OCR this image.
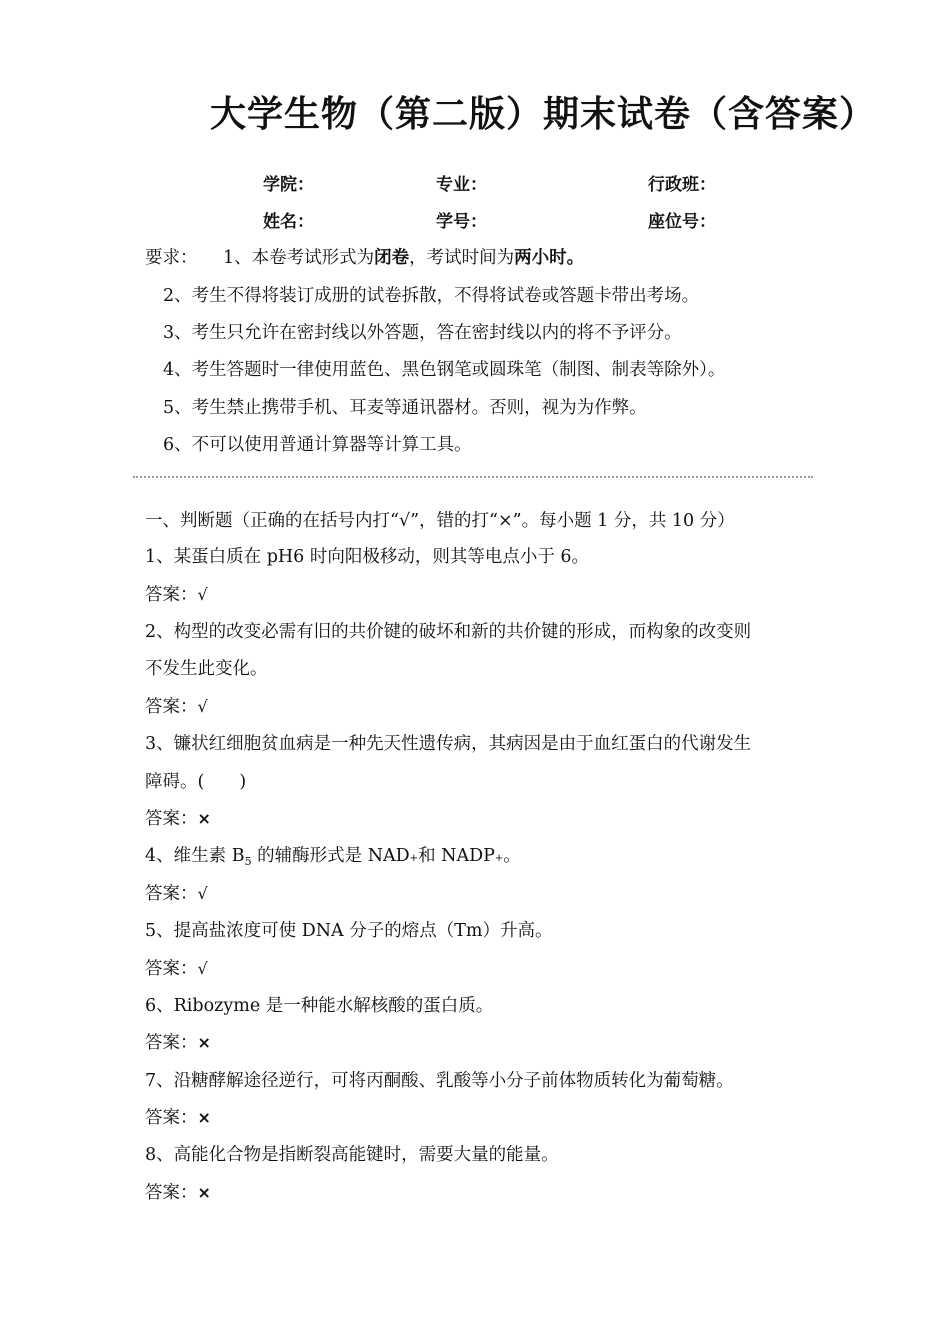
大学生物（第二版）期末试卷（含答案）
学院：	专业：	行政班：
姓名：	学号：	座位号：
要求： 1、本卷考试形式为闭卷，考试时间为两小时。
2、考生不得将装订成册的试卷拆散，不得将试卷或答题卡带出考场。
3、考生只允许在密封线以外答题，答在密封线以内的将不予评分。
4、考生答题时一律使用蓝色、黑色钢笔或圆珠笔（制图、制表等除外）。
5、考生禁止携带手机、耳麦等通讯器材。否则，视为为作弊。
6、不可以使用普通计算器等计算工具。
一、判断题（正确的在括号内打“√”，错的打“×”。每小题 1 分，共 10 分）
1、某蛋白质在 pH6 时向阳极移动，则其等电点小于 6。
答案：√
2、构型的改变必需有旧的共价键的破坏和新的共价键的形成，而构象的改变则
不发生此变化。
答案：√
3、镰状红细胞贫血病是一种先天性遗传病，其病因是由于血红蛋白的代谢发生
障碍。(　　)
答案：×
4、维生素 $B_5$ 的辅酶形式是 NAD+和 NADP+。
答案：√
5、提高盐浓度可使 DNA 分子的熔点（Tm）升高。
答案：√
6、Ribozyme 是一种能水解核酸的蛋白质。
答案：×
7、沿糖酵解途径逆行，可将丙酮酸、乳酸等小分子前体物质转化为葡萄糖。
答案：×
8、高能化合物是指断裂高能键时，需要大量的能量。
答案：×
